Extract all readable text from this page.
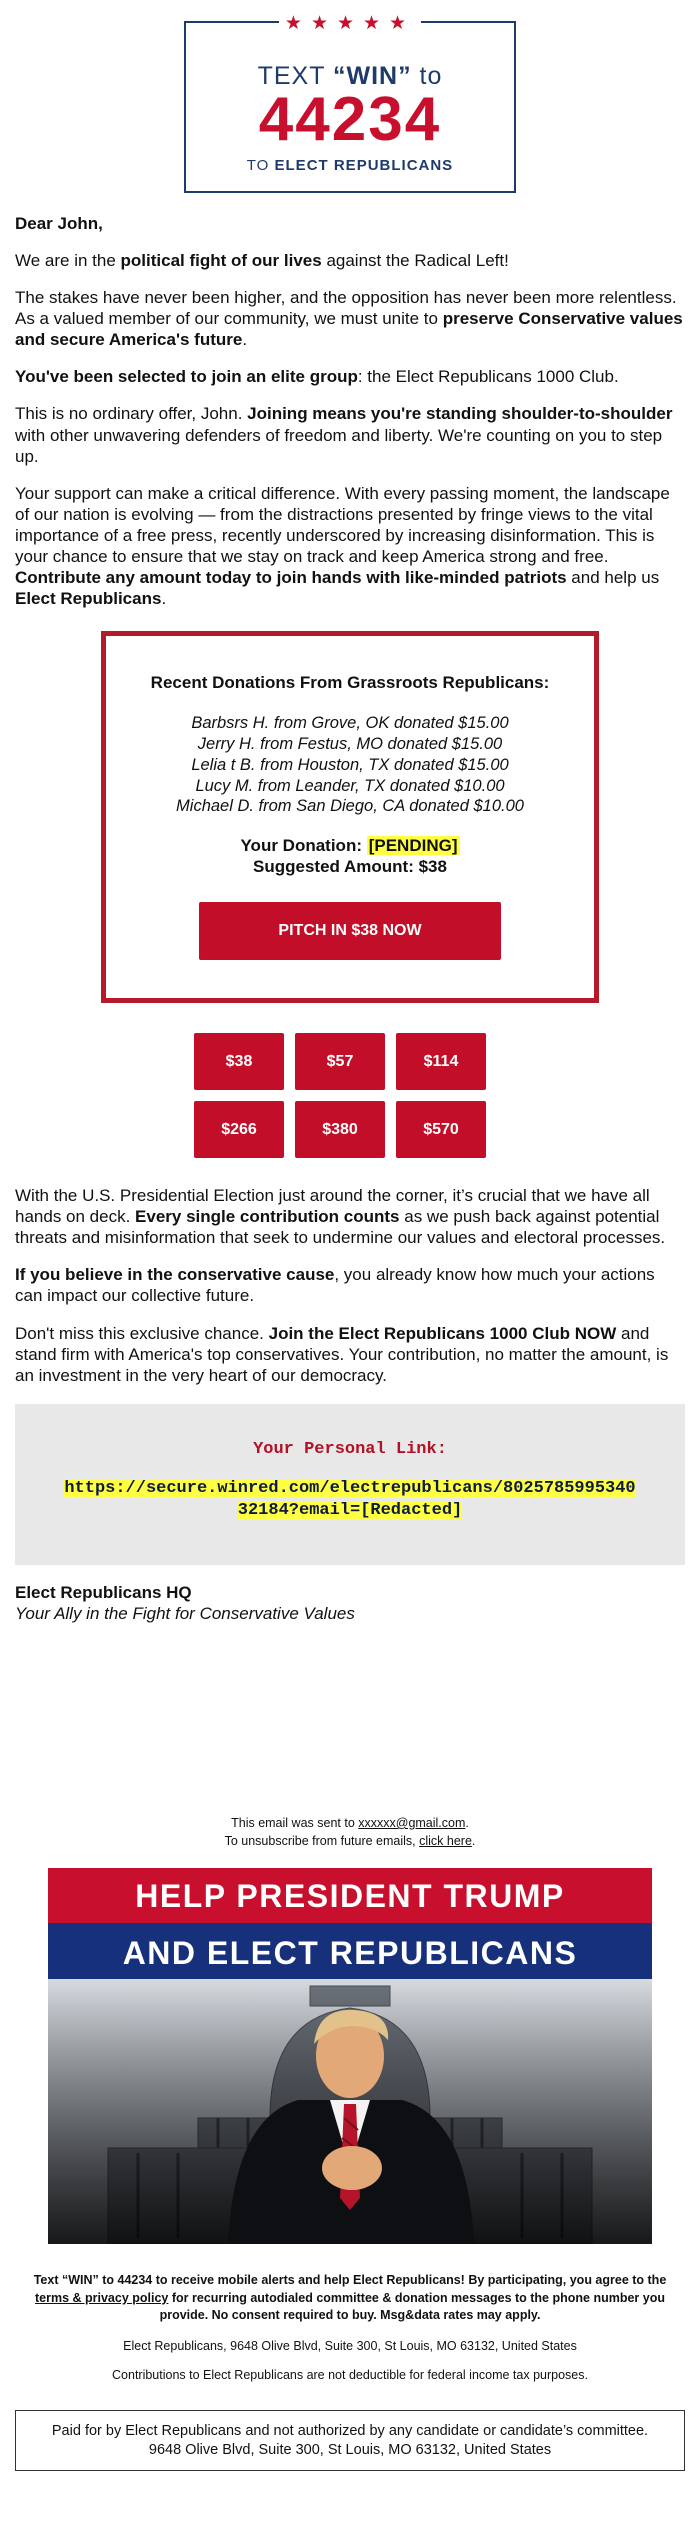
★★★★★
TEXT “WIN” to
44234
TO ELECT REPUBLICANS

Dear John,

We are in the political fight of our lives against the Radical Left!

The stakes have never been higher, and the opposition has never been more relentless. As a valued member of our community, we must unite to preserve Conservative values and secure America's future.

You've been selected to join an elite group: the Elect Republicans 1000 Club.

This is no ordinary offer, John. Joining means you're standing shoulder-to-shoulder with other unwavering defenders of freedom and liberty. We're counting on you to step up.

Your support can make a critical difference. With every passing moment, the landscape of our nation is evolving — from the distractions presented by fringe views to the vital importance of a free press, recently underscored by increasing disinformation. This is your chance to ensure that we stay on track and keep America strong and free. Contribute any amount today to join hands with like-minded patriots and help us Elect Republicans.

Recent Donations From Grassroots Republicans:
Barbsrs H. from Grove, OK donated $15.00
Jerry H. from Festus, MO donated $15.00
Lelia t B. from Houston, TX donated $15.00
Lucy M. from Leander, TX donated $10.00
Michael D. from San Diego, CA donated $10.00
Your Donation: [PENDING]
Suggested Amount: $38
PITCH IN $38 NOW
$38	$57	$114
$266	$380	$570

With the U.S. Presidential Election just around the corner, it’s crucial that we have all hands on deck. Every single contribution counts as we push back against potential threats and misinformation that seek to undermine our values and electoral processes.

If you believe in the conservative cause, you already know how much your actions can impact our collective future.

Don't miss this exclusive chance. Join the Elect Republicans 1000 Club NOW and stand firm with America's top conservatives. Your contribution, no matter the amount, is an investment in the very heart of our democracy.

Your Personal Link:
https://secure.winred.com/electrepublicans/8025785995340
32184?email=[Redacted]
Elect Republicans HQ
Your Ally in the Fight for Conservative Values
This email was sent to xxxxxx@gmail.com.
To unsubscribe from future emails, click here.
HELP PRESIDENT TRUMP
AND ELECT REPUBLICANS
Text “WIN” to 44234 to receive mobile alerts and help Elect Republicans! By participating, you agree to the terms & privacy policy for recurring autodialed committee & donation messages to the phone number you provide. No consent required to buy. Msg&data rates may apply.
Elect Republicans, 9648 Olive Blvd, Suite 300, St Louis, MO 63132, United States
Contributions to Elect Republicans are not deductible for federal income tax purposes.
Paid for by Elect Republicans and not authorized by any candidate or candidate’s committee. 9648 Olive Blvd, Suite 300, St Louis, MO 63132, United States
